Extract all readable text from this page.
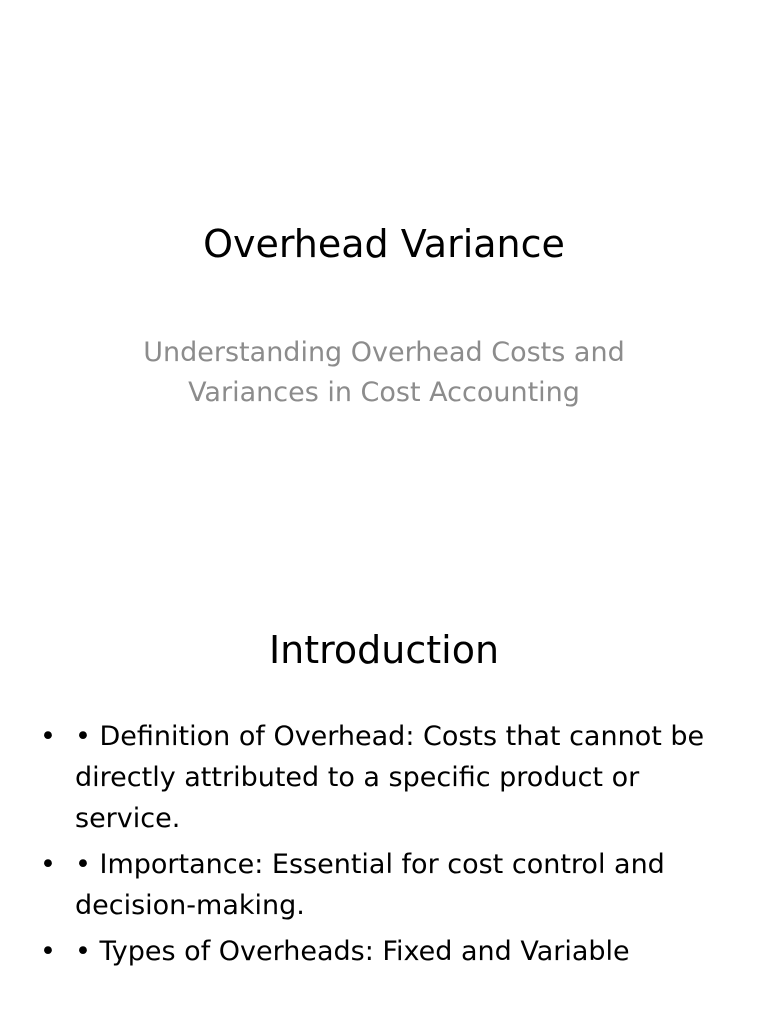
Overhead Variance
Understanding Overhead Costs and
Variances in Cost Accounting
Introduction
• • Definition of Overhead: Costs that cannot be directly attributed to a specific product or service.
• • Importance: Essential for cost control and decision-making.
• • Types of Overheads: Fixed and Variable
